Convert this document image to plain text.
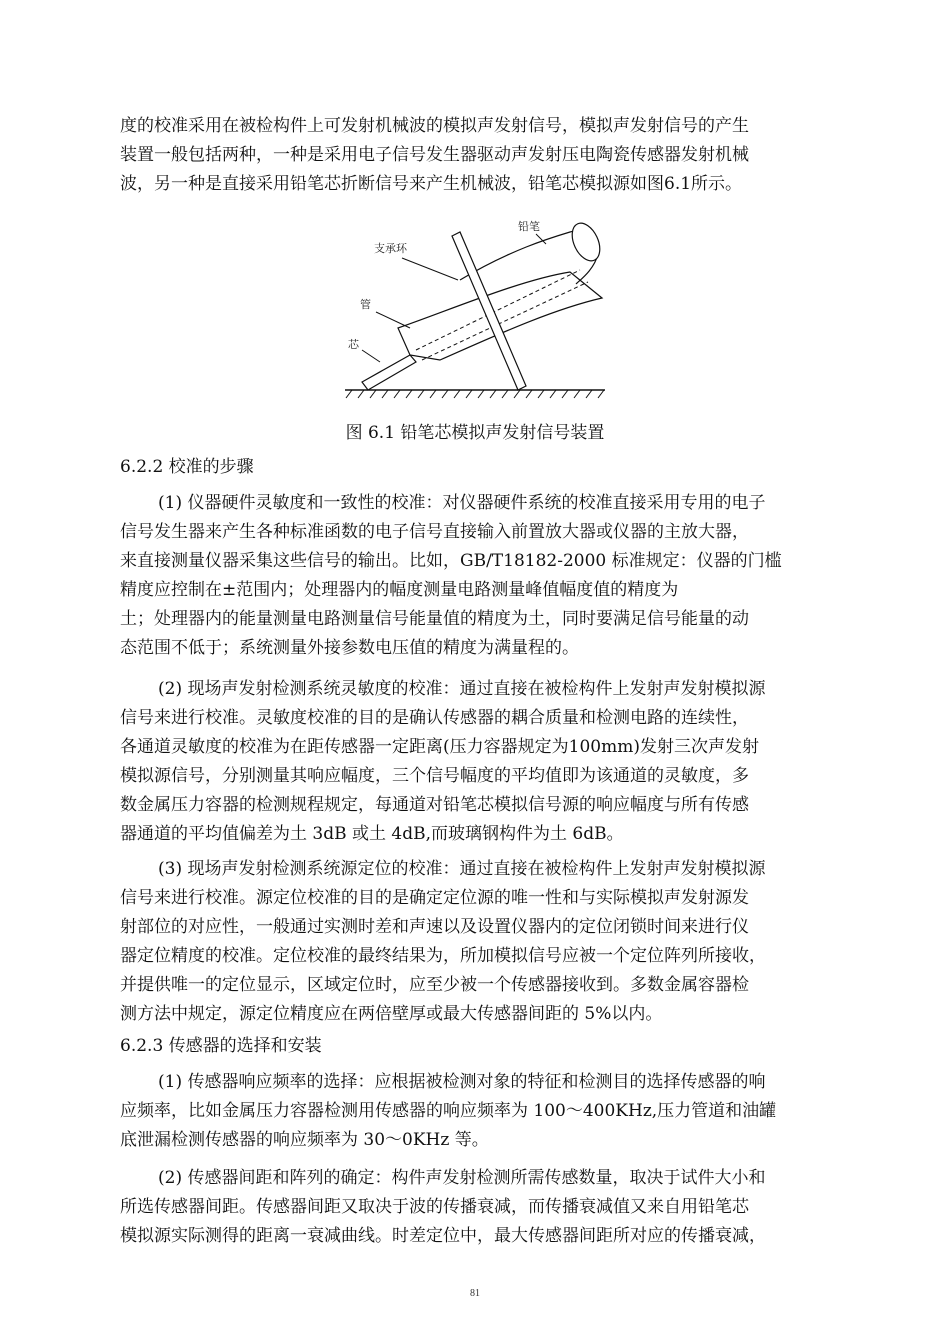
度的校准采用在被检构件上可发射机械波的模拟声发射信号，模拟声发射信号的产生
装置一般包括两种，一种是采用电子信号发生器驱动声发射压电陶瓷传感器发射机械
波，另一种是直接采用铅笔芯折断信号来产生机械波，铅笔芯模拟源如图6.1所示。
铅笔
支承环
管
芯
图 6.1 铅笔芯模拟声发射信号装置
6.2.2 校准的步骤
(1) 仪器硬件灵敏度和一致性的校准：对仪器硬件系统的校准直接采用专用的电子
信号发生器来产生各种标准函数的电子信号直接输入前置放大器或仪器的主放大器，
来直接测量仪器采集这些信号的输出。比如，GB/T18182-2000 标准规定：仪器的门槛
精度应控制在±范围内；处理器内的幅度测量电路测量峰值幅度值的精度为
土；处理器内的能量测量电路测量信号能量值的精度为土，同时要满足信号能量的动
态范围不低于；系统测量外接参数电压值的精度为满量程的。
(2) 现场声发射检测系统灵敏度的校准：通过直接在被检构件上发射声发射模拟源
信号来进行校准。灵敏度校准的目的是确认传感器的耦合质量和检测电路的连续性，
各通道灵敏度的校准为在距传感器一定距离(压力容器规定为100mm)发射三次声发射
模拟源信号，分别测量其响应幅度，三个信号幅度的平均值即为该通道的灵敏度，多
数金属压力容器的检测规程规定，每通道对铅笔芯模拟信号源的响应幅度与所有传感
器通道的平均值偏差为土 3dB 或土 4dB,而玻璃钢构件为土 6dB。
(3) 现场声发射检测系统源定位的校准：通过直接在被检构件上发射声发射模拟源
信号来进行校准。源定位校准的目的是确定定位源的唯一性和与实际模拟声发射源发
射部位的对应性，一般通过实测时差和声速以及设置仪器内的定位闭锁时间来进行仪
器定位精度的校准。定位校准的最终结果为，所加模拟信号应被一个定位阵列所接收，
并提供唯一的定位显示，区域定位时，应至少被一个传感器接收到。多数金属容器检
测方法中规定，源定位精度应在两倍壁厚或最大传感器间距的 5%以内。
6.2.3 传感器的选择和安装
(1) 传感器响应频率的选择：应根据被检测对象的特征和检测目的选择传感器的响
应频率，比如金属压力容器检测用传感器的响应频率为 100～400KHz,压力管道和油罐
底泄漏检测传感器的响应频率为 30～0KHz 等。
(2) 传感器间距和阵列的确定：构件声发射检测所需传感数量，取决于试件大小和
所选传感器间距。传感器间距又取决于波的传播衰减，而传播衰减值又来自用铅笔芯
模拟源实际测得的距离一衰减曲线。时差定位中，最大传感器间距所对应的传播衰减，
81
